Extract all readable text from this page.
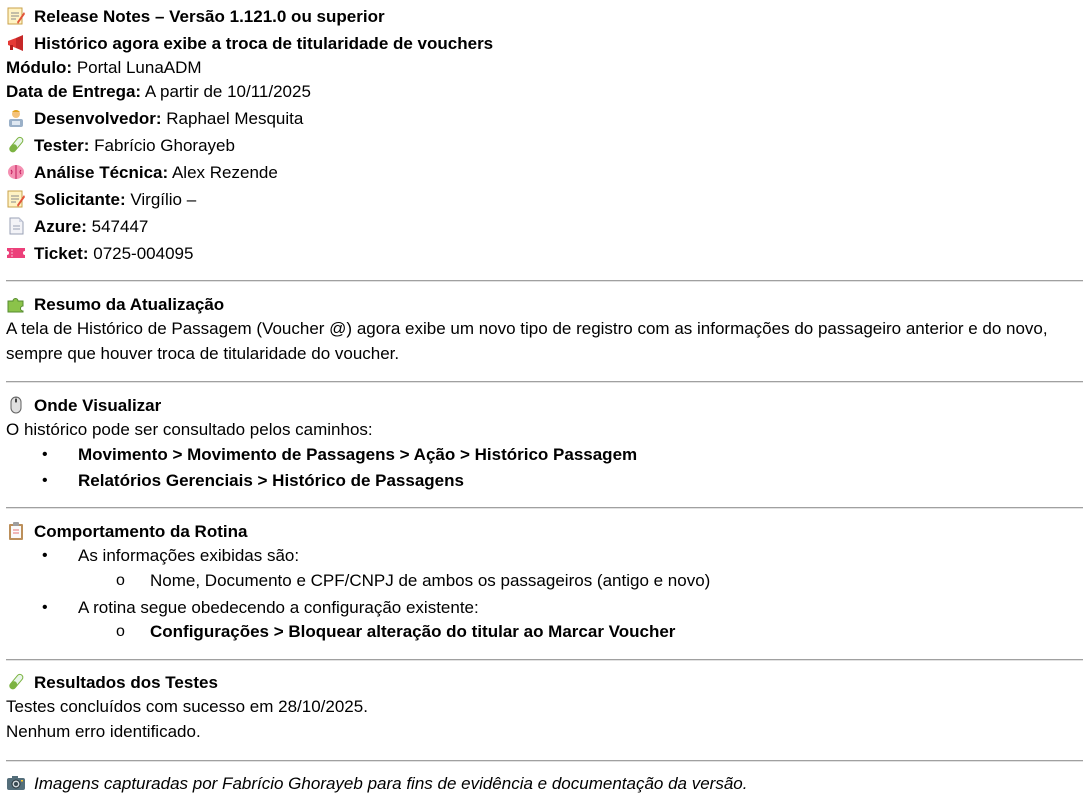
Release Notes – Versão 1.121.0 ou superior
Histórico agora exibe a troca de titularidade de vouchers
Módulo: Portal LunaADM
Data de Entrega: A partir de 10/11/2025
Desenvolvedor: Raphael Mesquita
Tester: Fabrício Ghorayeb
Análise Técnica: Alex Rezende
Solicitante: Virgílio –
Azure: 547447
Ticket: 0725-004095
Resumo da Atualização
A tela de Histórico de Passagem (Voucher @) agora exibe um novo tipo de registro com as informações do passageiro anterior e do novo, sempre que houver troca de titularidade do voucher.
Onde Visualizar
O histórico pode ser consultado pelos caminhos:
• Movimento > Movimento de Passagens > Ação > Histórico Passagem
• Relatórios Gerenciais > Histórico de Passagens
Comportamento da Rotina
• As informações exibidas são:
o Nome, Documento e CPF/CNPJ de ambos os passageiros (antigo e novo)
• A rotina segue obedecendo a configuração existente:
o Configurações > Bloquear alteração do titular ao Marcar Voucher
Resultados dos Testes
Testes concluídos com sucesso em 28/10/2025.
Nenhum erro identificado.
Imagens capturadas por Fabrício Ghorayeb para fins de evidência e documentação da versão.
